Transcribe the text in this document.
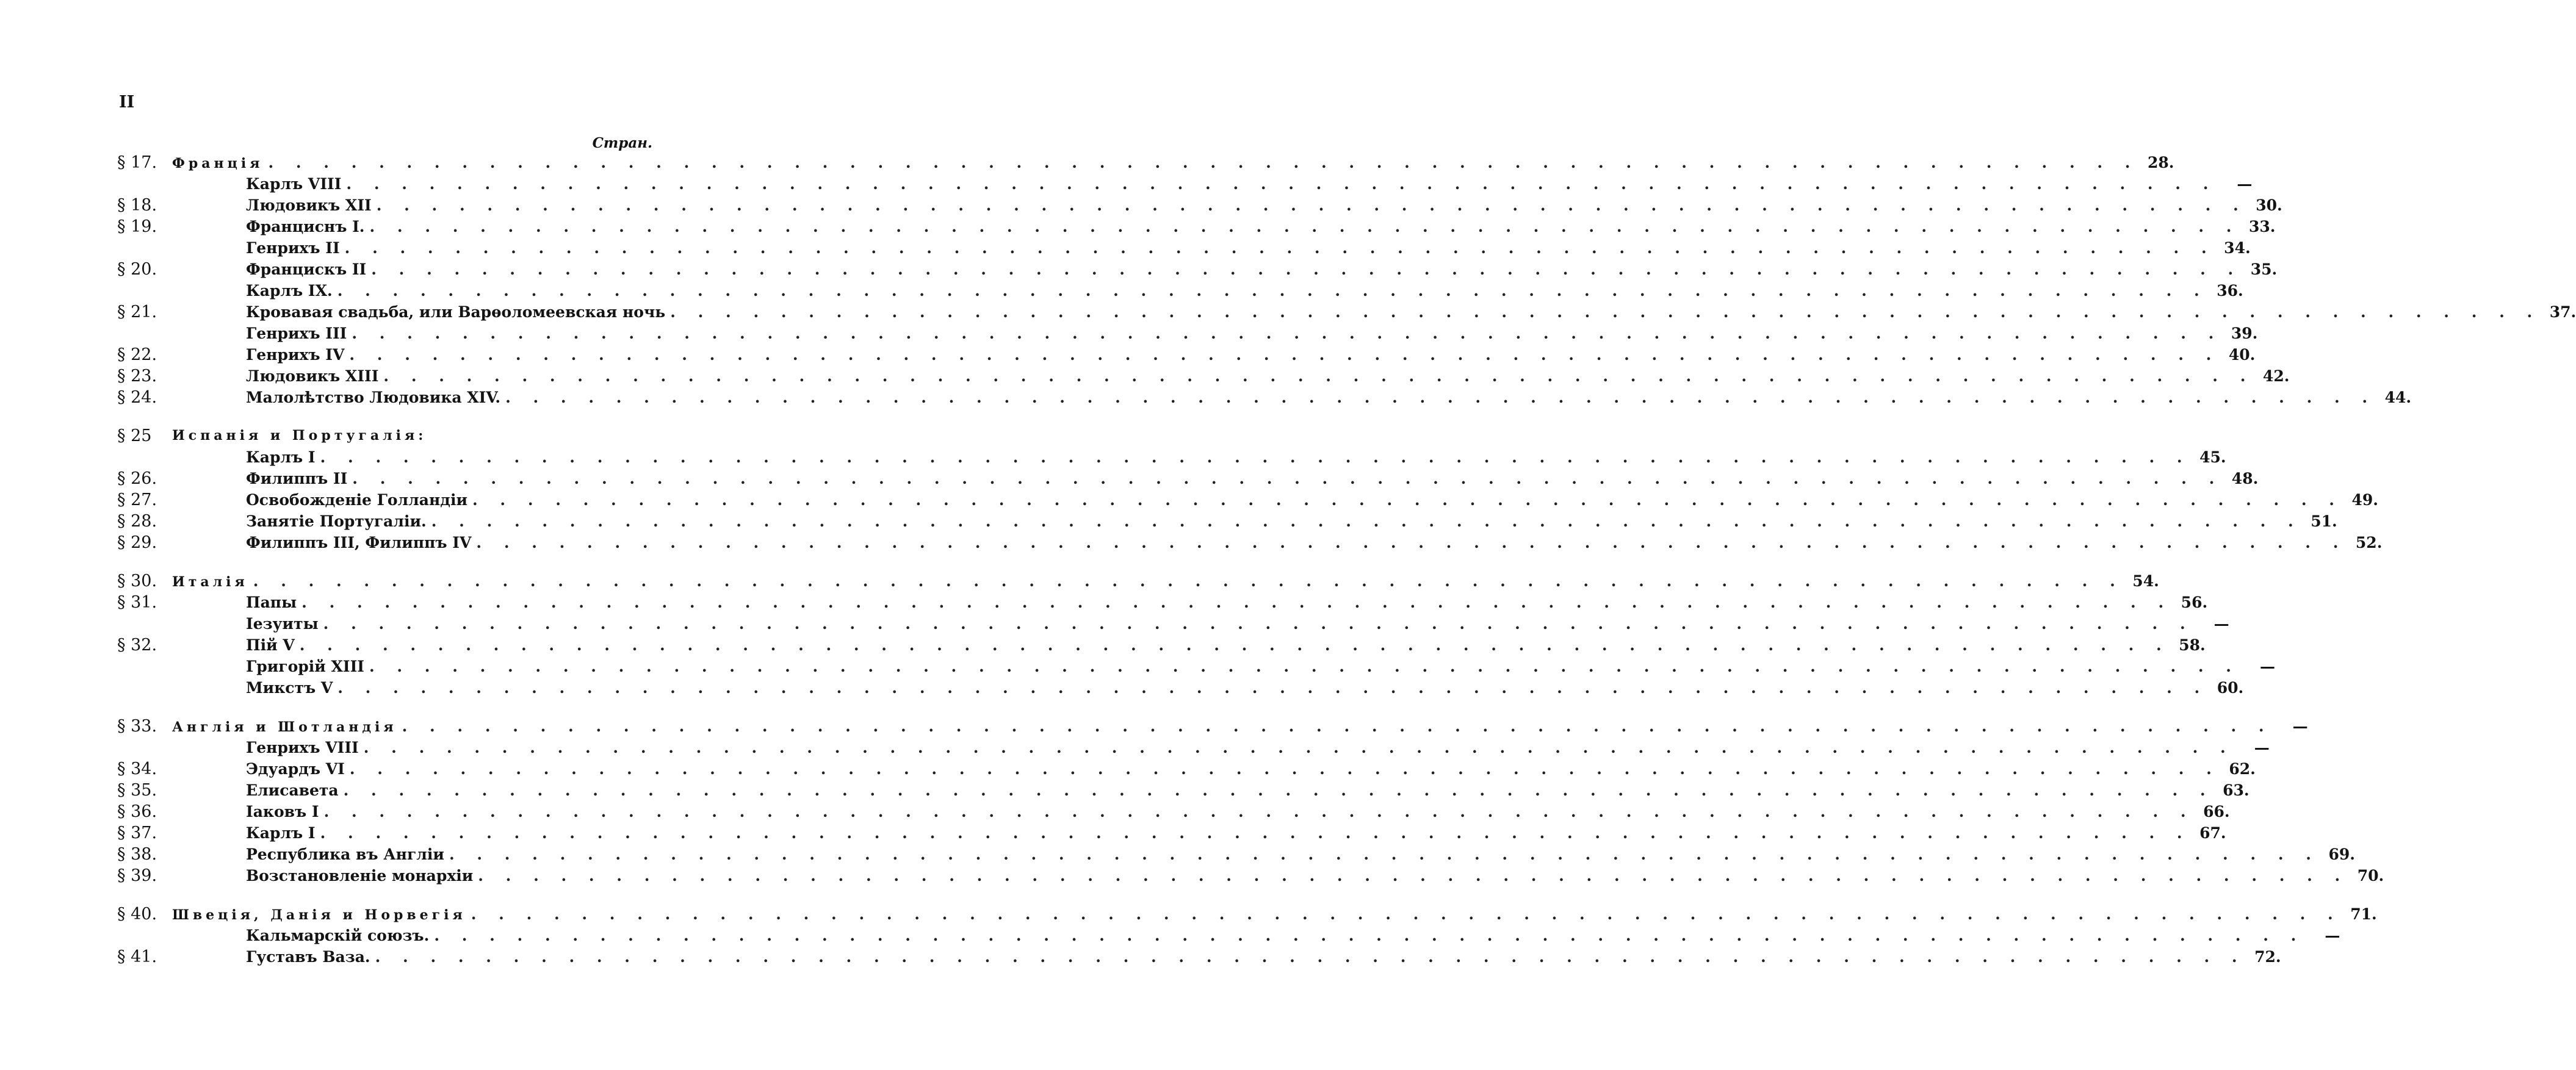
II
Стран.
§ 17. Франція . . .	28.
Карлъ VIII . . .	—
§ 18.	Людовикъ XII . . .	30.
§ 19.	Франциснъ I. . . .	33.
Генрихъ II . . .	34.
§ 20.	Францискъ II . . .	35.
Карлъ IX. . . .	36.
§ 21.	Кровавая свадьба, или Варѳоломеевская ночь . . .	37.
Генрихъ III . . .	39.
§ 22.	Генрихъ IV . . .	40.
§ 23.	Людовикъ XIII . . .	42.
§ 24.	Малолѣтство Людовика XIV. . . .	44.
§ 25 Испанія и Португалія:
Карлъ I . . .	45.
§ 26.	Филиппъ II . . .	48.
§ 27.	Освобожденіе Голландіи . . .	49.
§ 28.	Занятіе Португаліи. . . .	51.
§ 29.	Филиппъ III, Филиппъ IV . . .	52.
§ 30. Италія . . .	54.
§ 31.	Папы . . .	56.
Іезуиты . . .	—
§ 32.	Пій V . . .	58.
Григорій XIII . . .	—
Микстъ V . . .	60.
§ 33. Англія и Шотландія . . .	—
Генрихъ VIII . . .	—
§ 34.	Эдуардъ VI . . .	62.
§ 35.	Елисавета . . .	63.
§ 36.	Іаковъ I . . .	66.
§ 37.	Карлъ I . . .	67.
§ 38.	Республика въ Англіи . . .	69.
§ 39.	Возстановленіе монархіи . . .	70.
§ 40. Швеція, Данія и Норвегія . . .	71.
Кальмарскій союзъ. . . .	—
§ 41.	Густавъ Ваза. . . .	72.
